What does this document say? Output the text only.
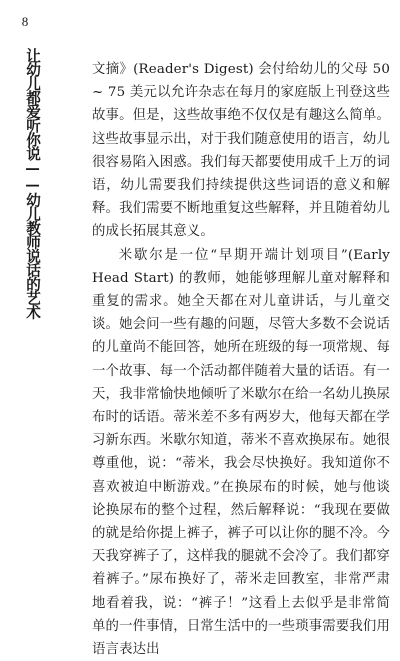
8
让幼儿都爱听你说——幼儿教师说话的艺术	文摘》(Reader's Digest) 会付给幼儿的父母 50 ~ 75 美元以允许杂志在每月的家庭版上刊登这些故事。但是，这些故事绝不仅仅是有趣这么简单。这些故事显示出，对于我们随意使用的语言，幼儿很容易陷入困惑。我们每天都要使用成千上万的词语，幼儿需要我们持续提供这些词语的意义和解释。我们需要不断地重复这些解释，并且随着幼儿的成长拓展其意义。

米歇尔是一位“早期开端计划项目”(Early Head Start) 的教师，她能够理解儿童对解释和重复的需求。她全天都在对儿童讲话，与儿童交谈。她会问一些有趣的问题，尽管大多数不会说话的儿童尚不能回答，她所在班级的每一项常规、每一个故事、每一个活动都伴随着大量的话语。有一天，我非常愉快地倾听了米歇尔在给一名幼儿换尿布时的话语。蒂米差不多有两岁大，他每天都在学习新东西。米歇尔知道，蒂米不喜欢换尿布。她很尊重他，说：“蒂米，我会尽快换好。我知道你不喜欢被迫中断游戏。”在换尿布的时候，她与他谈论换尿布的整个过程，然后解释说：“我现在要做的就是给你提上裤子，裤子可以让你的腿不冷。今天我穿裤子了，这样我的腿就不会冷了。我们都穿着裤子。”尿布换好了，蒂米走回教室，非常严肃地看着我，说：“裤子！”这看上去似乎是非常简单的一件事情，日常生活中的一些琐事需要我们用语言表达出
